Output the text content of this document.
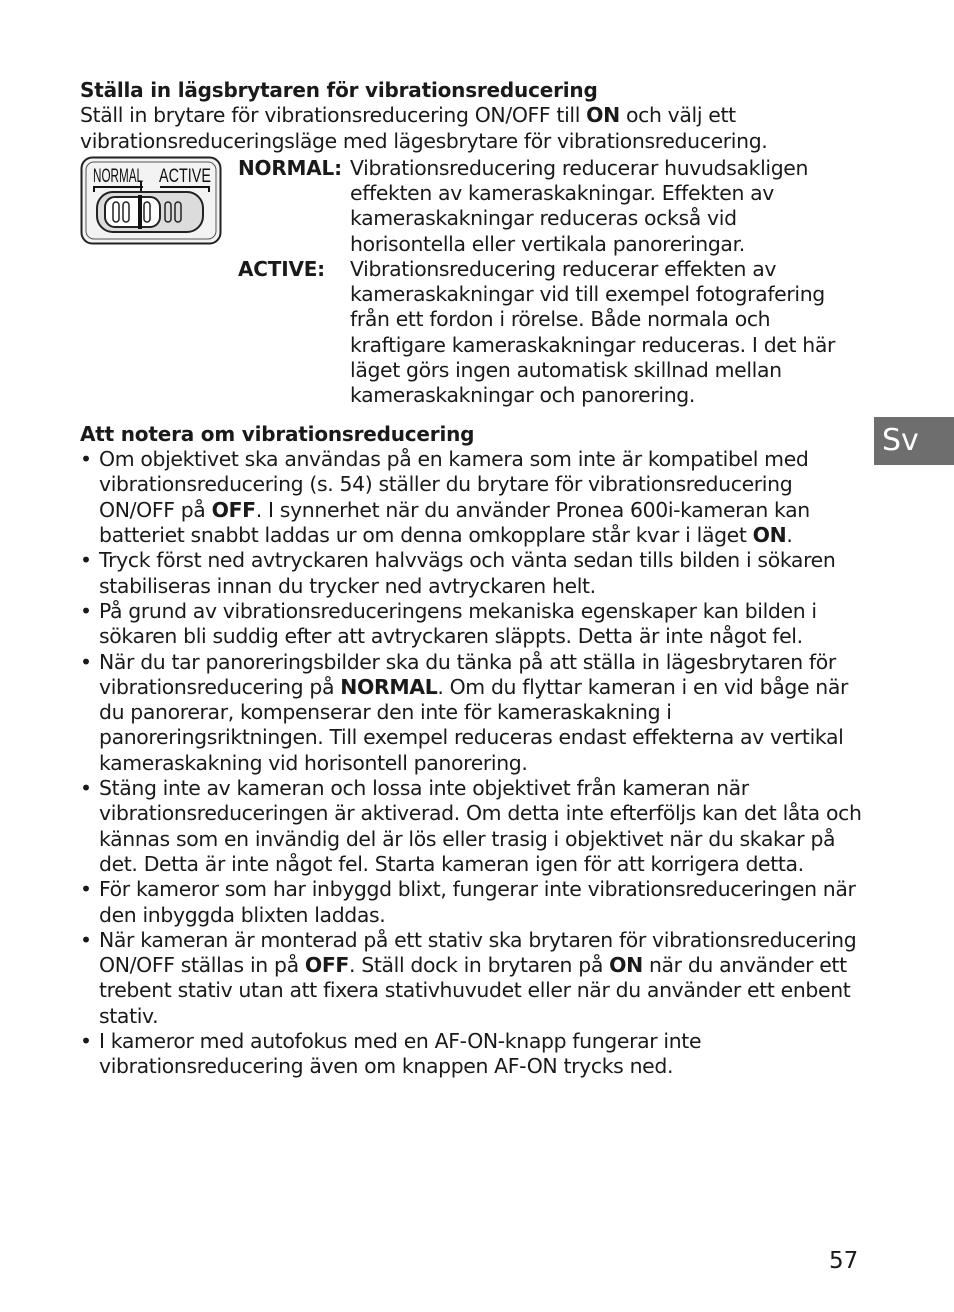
Ställa in lägsbrytaren för vibrationsreducering
Ställ in brytare för vibrationsreducering ON/OFF till ON och välj ett vibrationsreduceringsläge med lägesbrytare för vibrationsreducering.
NORMAL ACTIVE NORMAL: Vibrationsreducering reducerar huvudsakligen effekten av kameraskakningar. Effekten av kameraskakningar reduceras också vid horisontella eller vertikala panoreringar.
ACTIVE: Vibrationsreducering reducerar effekten av kameraskakningar vid till exempel fotografering från ett fordon i rörelse. Både normala och kraftigare kameraskakningar reduceras. I det här läget görs ingen automatisk skillnad mellan kameraskakningar och panorering.
Att notera om vibrationsreducering
• Om objektivet ska användas på en kamera som inte är kompatibel med vibrationsreducering (s. 54) ställer du brytare för vibrationsreducering ON/OFF på OFF. I synnerhet när du använder Pronea 600i-kameran kan batteriet snabbt laddas ur om denna omkopplare står kvar i läget ON.
• Tryck först ned avtryckaren halvvägs och vänta sedan tills bilden i sökaren stabiliseras innan du trycker ned avtryckaren helt.
• På grund av vibrationsreduceringens mekaniska egenskaper kan bilden i sökaren bli suddig efter att avtryckaren släppts. Detta är inte något fel.
• När du tar panoreringsbilder ska du tänka på att ställa in lägesbrytaren för vibrationsreducering på NORMAL. Om du flyttar kameran i en vid båge när du panorerar, kompenserar den inte för kameraskakning i panoreringsriktningen. Till exempel reduceras endast effekterna av vertikal kameraskakning vid horisontell panorering.
• Stäng inte av kameran och lossa inte objektivet från kameran när vibrationsreduceringen är aktiverad. Om detta inte efterföljs kan det låta och kännas som en invändig del är lös eller trasig i objektivet när du skakar på det. Detta är inte något fel. Starta kameran igen för att korrigera detta.
• För kameror som har inbyggd blixt, fungerar inte vibrationsreduceringen när den inbyggda blixten laddas.
• När kameran är monterad på ett stativ ska brytaren för vibrationsreducering ON/OFF ställas in på OFF. Ställ dock in brytaren på ON när du använder ett trebent stativ utan att fixera stativhuvudet eller när du använder ett enbent stativ.
• I kameror med autofokus med en AF-ON-knapp fungerar inte vibrationsreducering även om knappen AF-ON trycks ned.
Sv
57
